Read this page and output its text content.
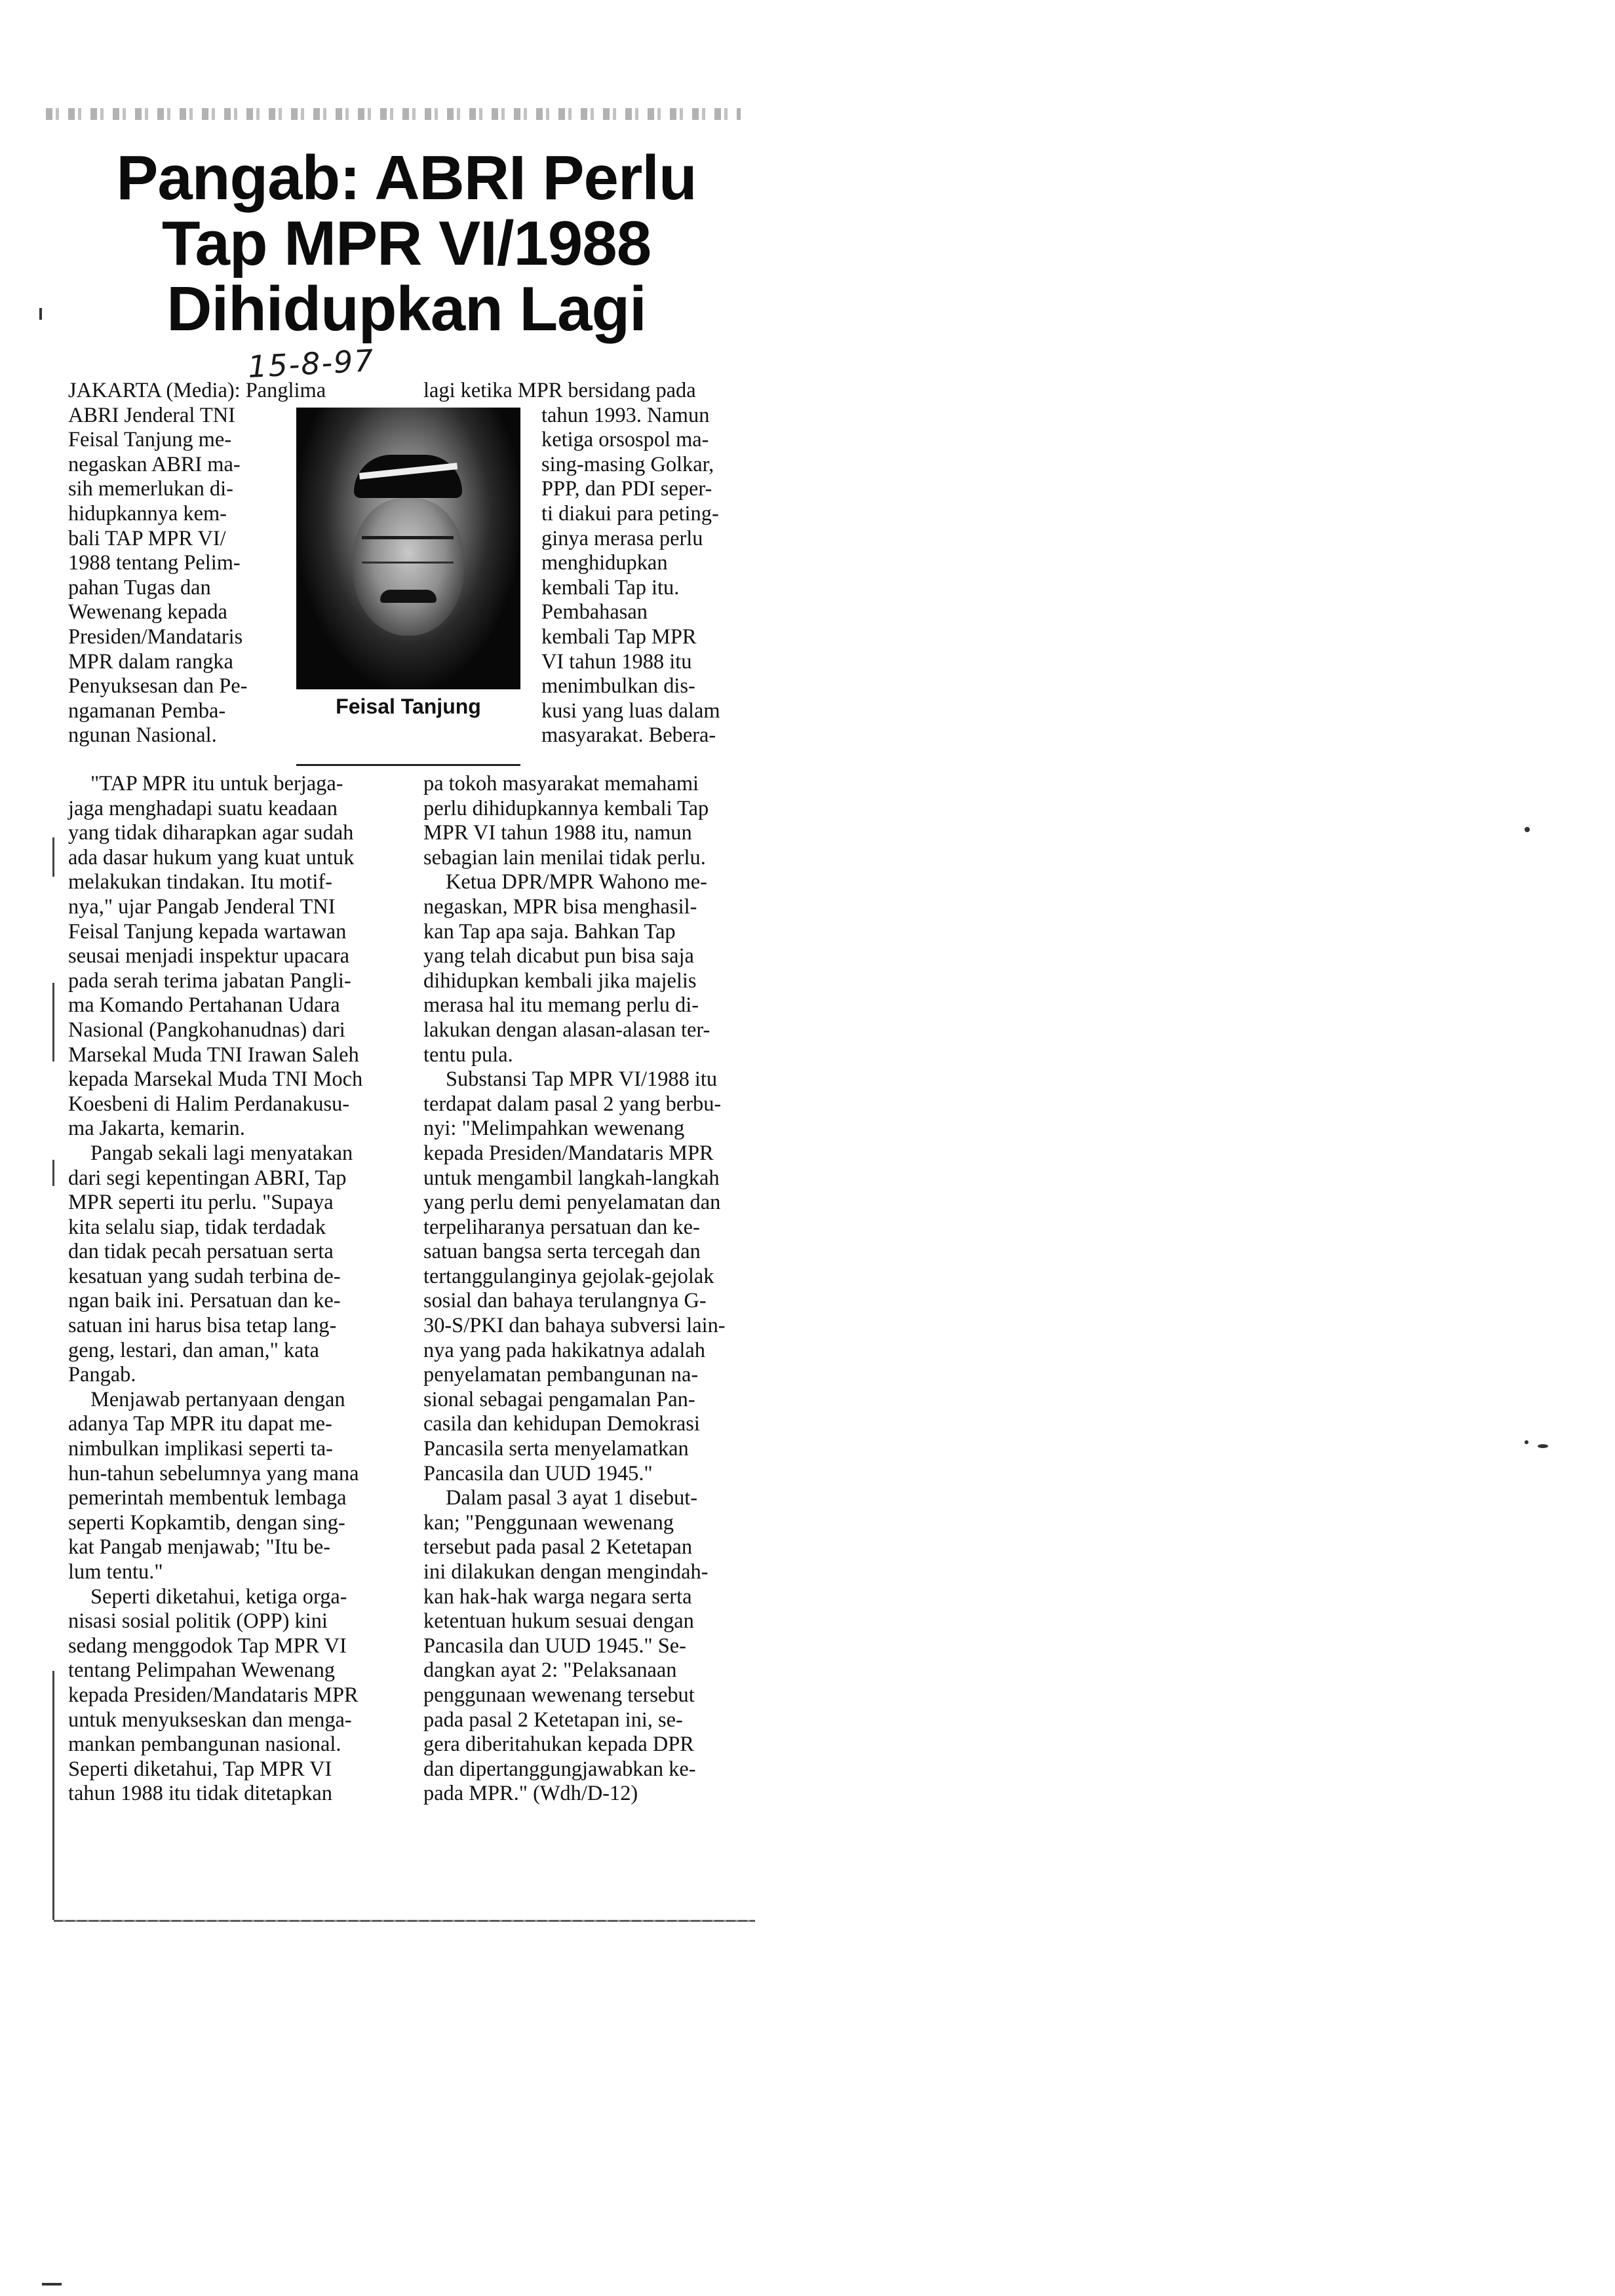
Pangab: ABRI Perlu
Tap MPR VI/1988
Dihidupkan Lagi
15-8-97
JAKARTA (Media): Panglima
ABRI Jenderal TNI
Feisal Tanjung me-
negaskan ABRI ma-
sih memerlukan di-
hidupkannya kem-
bali TAP MPR VI/
1988 tentang Pelim-
pahan Tugas dan
Wewenang kepada
Presiden/Mandataris
MPR dalam rangka
Penyuksesan dan Pe-
ngamanan Pemba-
ngunan Nasional.
Feisal Tanjung
lagi ketika MPR bersidang pada
tahun 1993. Namun
ketiga orsospol ma-
sing-masing Golkar,
PPP, dan PDI seper-
ti diakui para peting-
ginya merasa perlu
menghidupkan
kembali Tap itu.
Pembahasan
kembali Tap MPR
VI tahun 1988 itu
menimbulkan dis-
kusi yang luas dalam
masyarakat. Bebera-
"TAP MPR itu untuk berjaga-
jaga menghadapi suatu keadaan
yang tidak diharapkan agar sudah
ada dasar hukum yang kuat untuk
melakukan tindakan. Itu motif-
nya," ujar Pangab Jenderal TNI
Feisal Tanjung kepada wartawan
seusai menjadi inspektur upacara
pada serah terima jabatan Pangli-
ma Komando Pertahanan Udara
Nasional (Pangkohanudnas) dari
Marsekal Muda TNI Irawan Saleh
kepada Marsekal Muda TNI Moch
Koesbeni di Halim Perdanakusu-
ma Jakarta, kemarin.
Pangab sekali lagi menyatakan
dari segi kepentingan ABRI, Tap
MPR seperti itu perlu. "Supaya
kita selalu siap, tidak terdadak
dan tidak pecah persatuan serta
kesatuan yang sudah terbina de-
ngan baik ini. Persatuan dan ke-
satuan ini harus bisa tetap lang-
geng, lestari, dan aman," kata
Pangab.
Menjawab pertanyaan dengan
adanya Tap MPR itu dapat me-
nimbulkan implikasi seperti ta-
hun-tahun sebelumnya yang mana
pemerintah membentuk lembaga
seperti Kopkamtib, dengan sing-
kat Pangab menjawab; "Itu be-
lum tentu."
Seperti diketahui, ketiga orga-
nisasi sosial politik (OPP) kini
sedang menggodok Tap MPR VI
tentang Pelimpahan Wewenang
kepada Presiden/Mandataris MPR
untuk menyukseskan dan menga-
mankan pembangunan nasional.
Seperti diketahui, Tap MPR VI
tahun 1988 itu tidak ditetapkan
pa tokoh masyarakat memahami
perlu dihidupkannya kembali Tap
MPR VI tahun 1988 itu, namun
sebagian lain menilai tidak perlu.
Ketua DPR/MPR Wahono me-
negaskan, MPR bisa menghasil-
kan Tap apa saja. Bahkan Tap
yang telah dicabut pun bisa saja
dihidupkan kembali jika majelis
merasa hal itu memang perlu di-
lakukan dengan alasan-alasan ter-
tentu pula.
Substansi Tap MPR VI/1988 itu
terdapat dalam pasal 2 yang berbu-
nyi: "Melimpahkan wewenang
kepada Presiden/Mandataris MPR
untuk mengambil langkah-langkah
yang perlu demi penyelamatan dan
terpeliharanya persatuan dan ke-
satuan bangsa serta tercegah dan
tertanggulanginya gejolak-gejolak
sosial dan bahaya terulangnya G-
30-S/PKI dan bahaya subversi lain-
nya yang pada hakikatnya adalah
penyelamatan pembangunan na-
sional sebagai pengamalan Pan-
casila dan kehidupan Demokrasi
Pancasila serta menyelamatkan
Pancasila dan UUD 1945."
Dalam pasal 3 ayat 1 disebut-
kan; "Penggunaan wewenang
tersebut pada pasal 2 Ketetapan
ini dilakukan dengan mengindah-
kan hak-hak warga negara serta
ketentuan hukum sesuai dengan
Pancasila dan UUD 1945." Se-
dangkan ayat 2: "Pelaksanaan
penggunaan wewenang tersebut
pada pasal 2 Ketetapan ini, se-
gera diberitahukan kepada DPR
dan dipertanggungjawabkan ke-
pada MPR." (Wdh/D-12)
